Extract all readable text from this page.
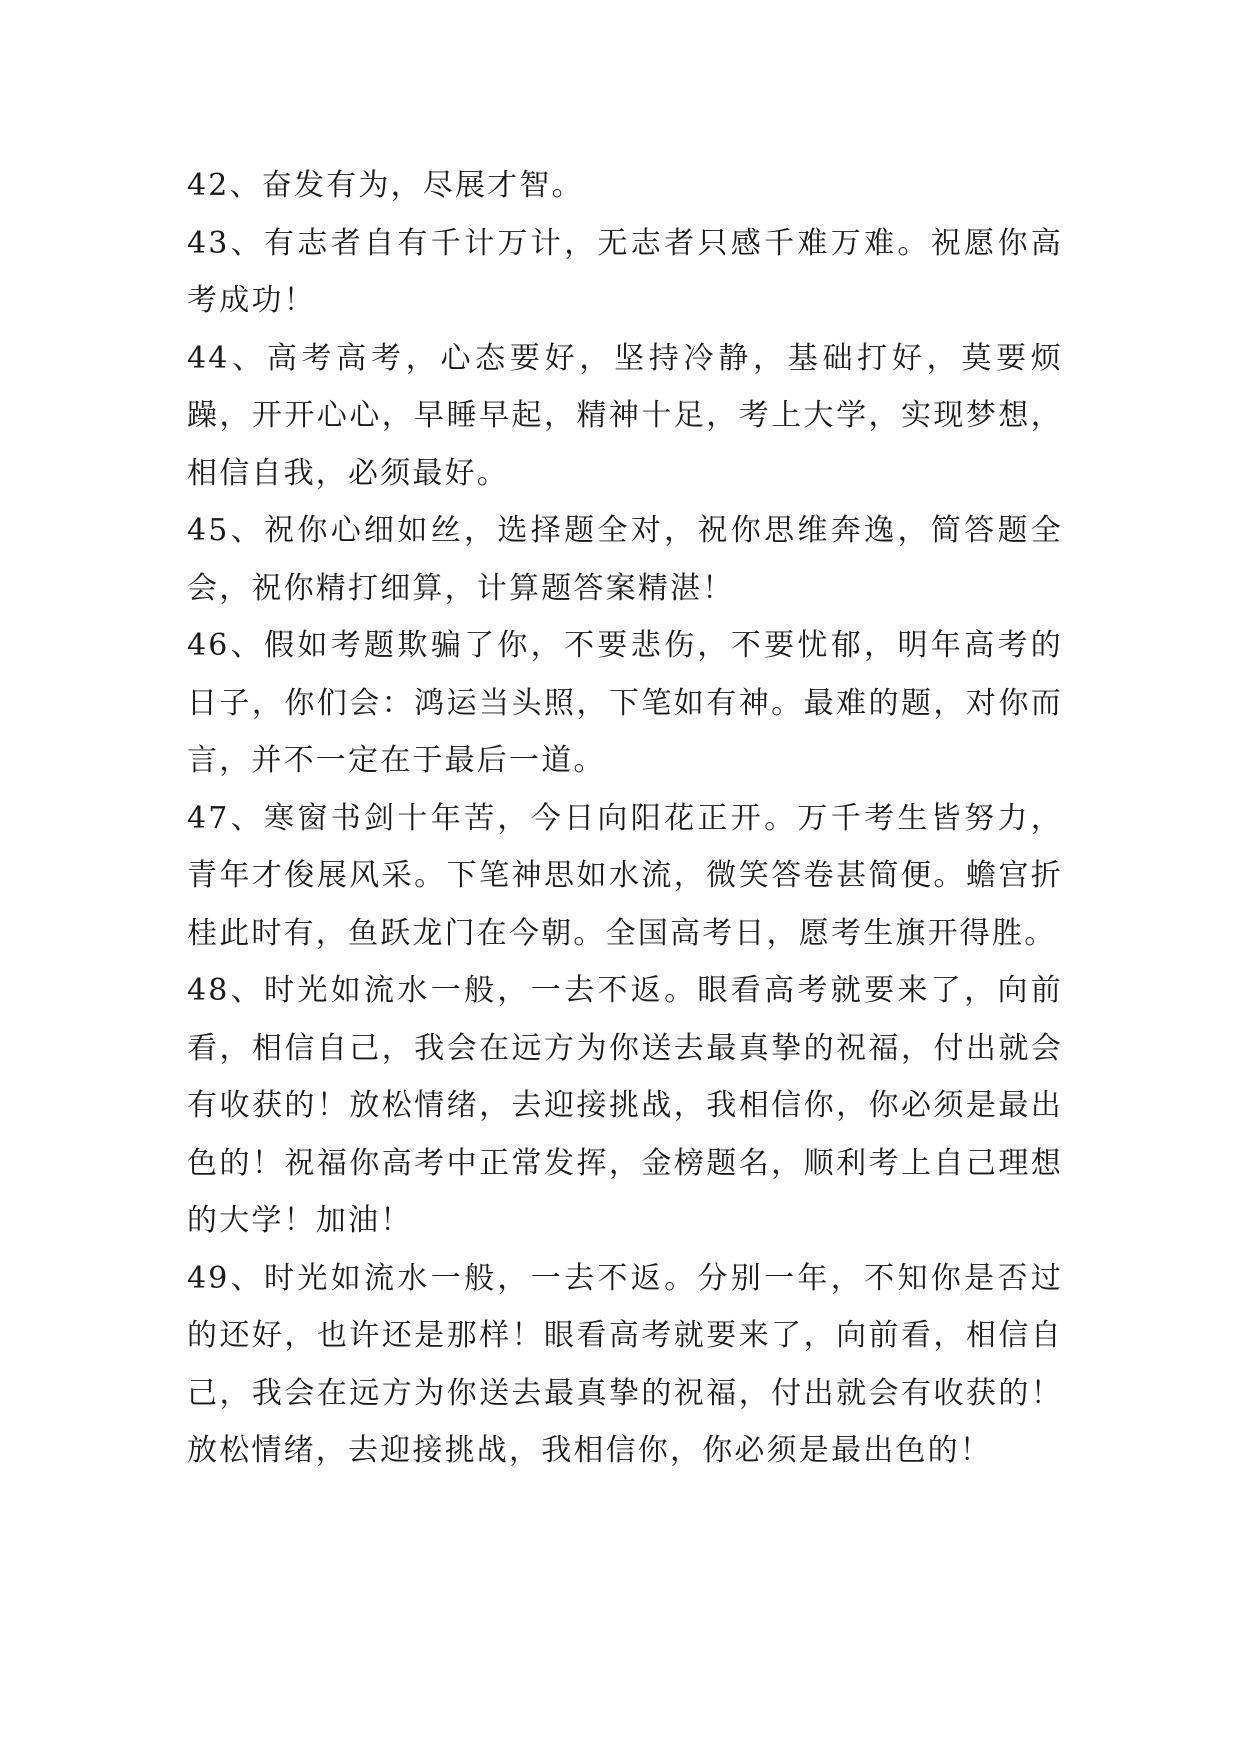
42、奋发有为，尽展才智。

43、有志者自有千计万计，无志者只感千难万难。祝愿你高考成功！

44、高考高考，心态要好，坚持冷静，基础打好，莫要烦躁，开开心心，早睡早起，精神十足，考上大学，实现梦想，相信自我，必须最好。

45、祝你心细如丝，选择题全对，祝你思维奔逸，简答题全会，祝你精打细算，计算题答案精湛！

46、假如考题欺骗了你，不要悲伤，不要忧郁，明年高考的日子，你们会：鸿运当头照，下笔如有神。最难的题，对你而言，并不一定在于最后一道。

47、寒窗书剑十年苦，今日向阳花正开。万千考生皆努力，青年才俊展风采。下笔神思如水流，微笑答卷甚简便。蟾宫折桂此时有，鱼跃龙门在今朝。全国高考日，愿考生旗开得胜。

48、时光如流水一般，一去不返。眼看高考就要来了，向前看，相信自己，我会在远方为你送去最真挚的祝福，付出就会有收获的！放松情绪，去迎接挑战，我相信你，你必须是最出色的！祝福你高考中正常发挥，金榜题名，顺利考上自己理想的大学！加油！

49、时光如流水一般，一去不返。分别一年，不知你是否过的还好，也许还是那样！眼看高考就要来了，向前看，相信自己，我会在远方为你送去最真挚的祝福，付出就会有收获的！放松情绪，去迎接挑战，我相信你，你必须是最出色的！
